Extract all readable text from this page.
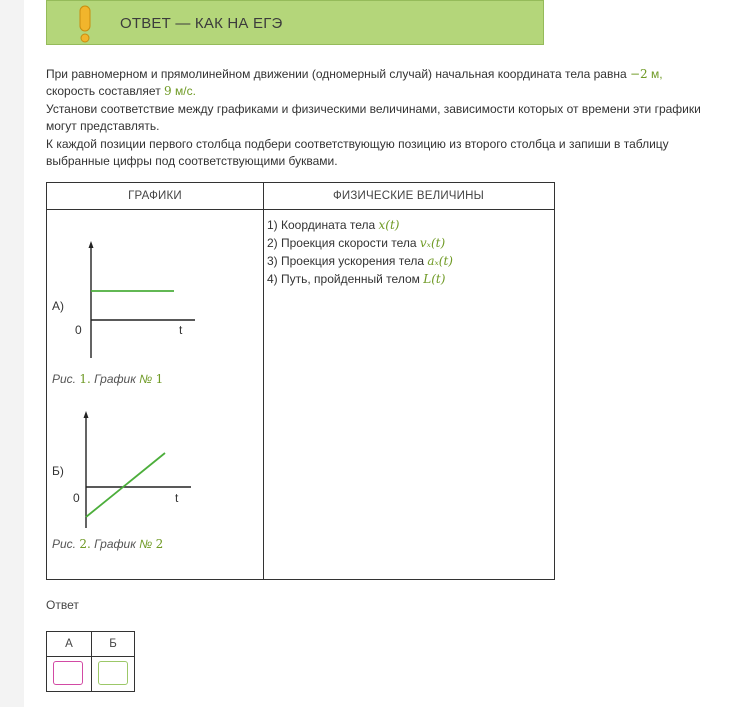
ОТВЕТ — КАК НА ЕГЭ

При равномерном и прямолинейном движении (одномерный случай) начальная координата тела равна −2 м,
скорость составляет 9 м/с.

Установи соответствие между графиками и физическими величинами, зависимости которых от времени эти графики могут представлять.

К каждой позиции первого столбца подбери соответствующую позицию из второго столбца и запиши в таблицу выбранные цифры под соответствующими буквами.

ГРАФИКИ	ФИЗИЧЕСКИЕ ВЕЛИЧИНЫ
А)
0	t
Рис. 1. График № 1
Б)
0	t
Рис. 2. График № 2
1) Координата тела x(t)
2) Проекция скорости тела vₓ(t)
3) Проекция ускорения тела aₓ(t)
4) Путь, пройденный телом L(t)
Ответ
А	Б
